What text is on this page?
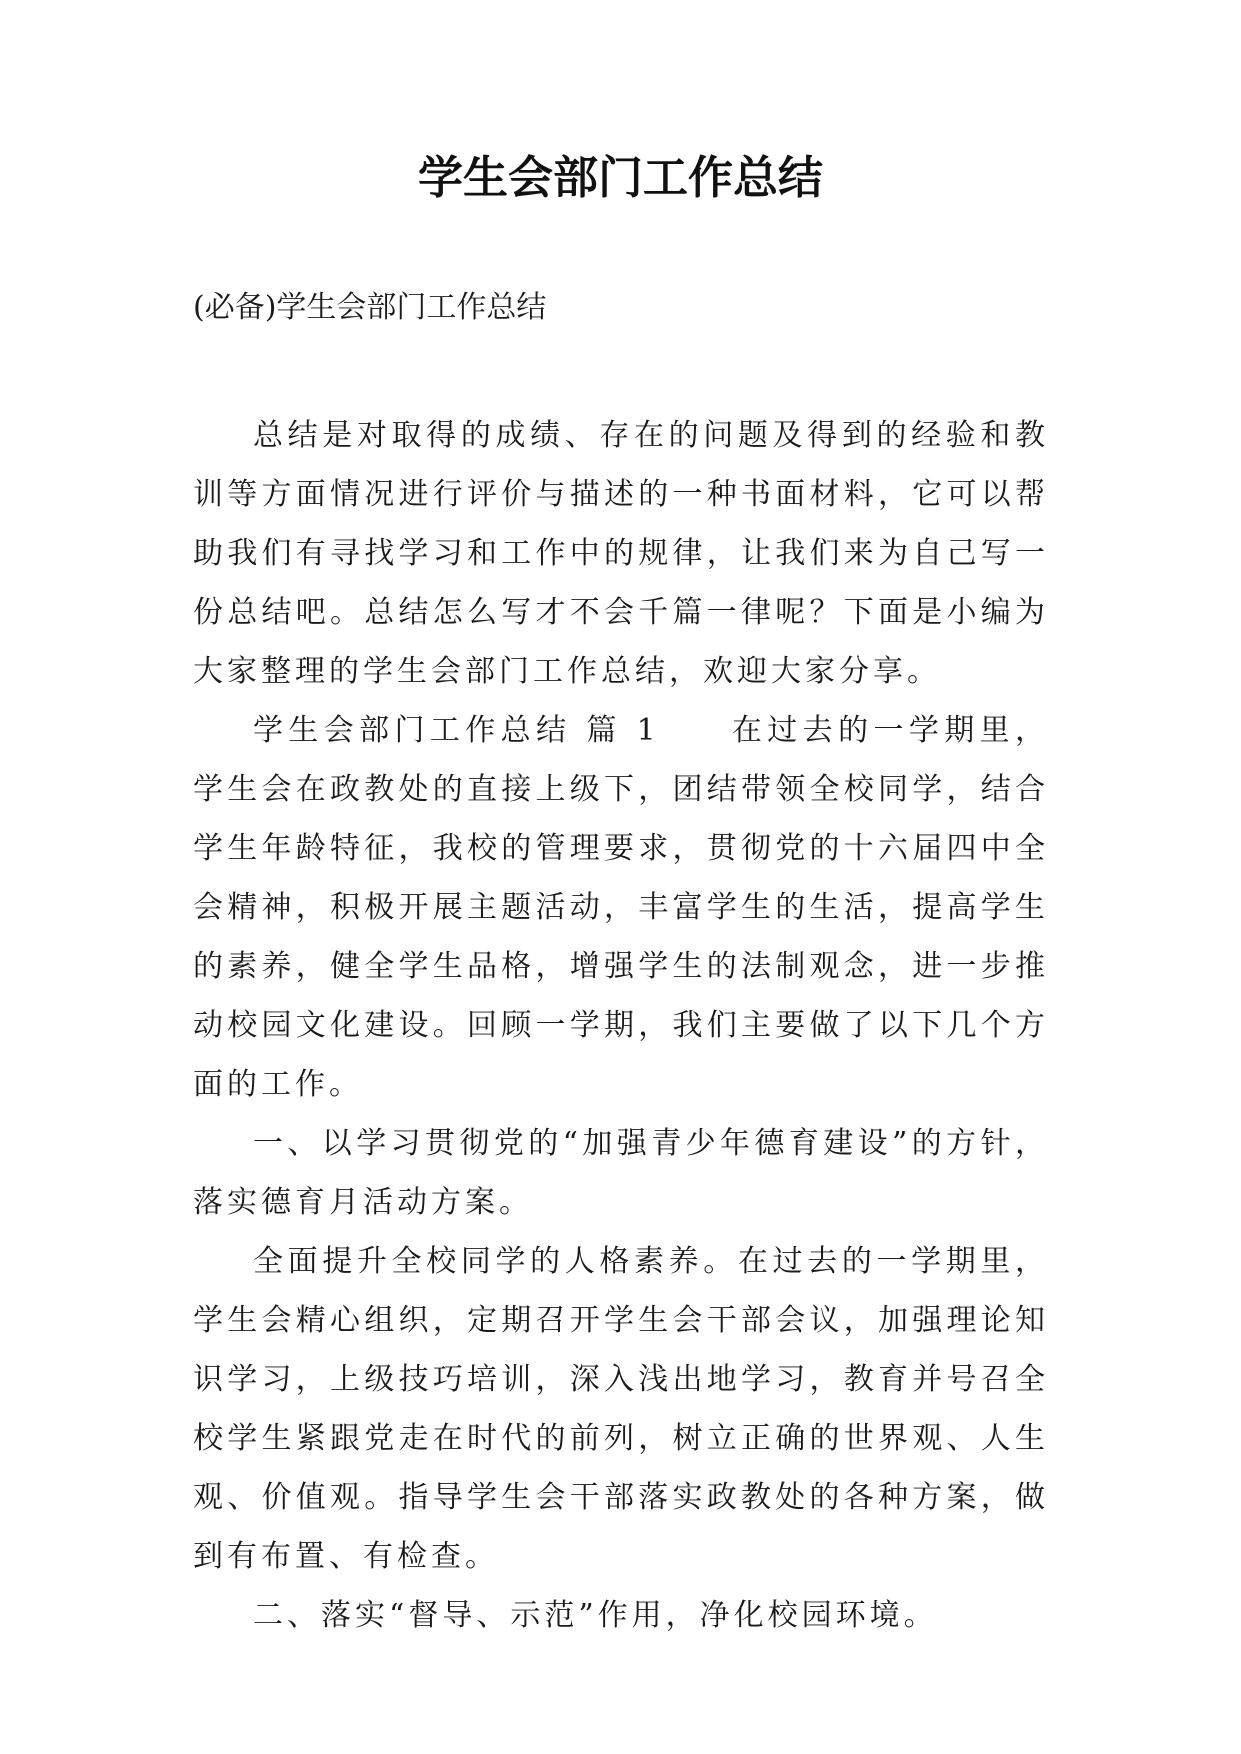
学生会部门工作总结

(必备)学生会部门工作总结

总结是对取得的成绩、存在的问题及得到的经验和教训等方面情况进行评价与描述的一种书面材料，它可以帮助我们有寻找学习和工作中的规律，让我们来为自己写一份总结吧。总结怎么写才不会千篇一律呢？下面是小编为大家整理的学生会部门工作总结，欢迎大家分享。

学生会部门工作总结 篇 1　　在过去的一学期里，学生会在政教处的直接上级下，团结带领全校同学，结合学生年龄特征，我校的管理要求，贯彻党的十六届四中全会精神，积极开展主题活动，丰富学生的生活，提高学生的素养，健全学生品格，增强学生的法制观念，进一步推动校园文化建设。回顾一学期，我们主要做了以下几个方面的工作。

一、以学习贯彻党的“加强青少年德育建设”的方针，落实德育月活动方案。

全面提升全校同学的人格素养。在过去的一学期里，学生会精心组织，定期召开学生会干部会议，加强理论知识学习，上级技巧培训，深入浅出地学习，教育并号召全校学生紧跟党走在时代的前列，树立正确的世界观、人生观、价值观。指导学生会干部落实政教处的各种方案，做到有布置、有检查。

二、落实“督导、示范”作用，净化校园环境。
